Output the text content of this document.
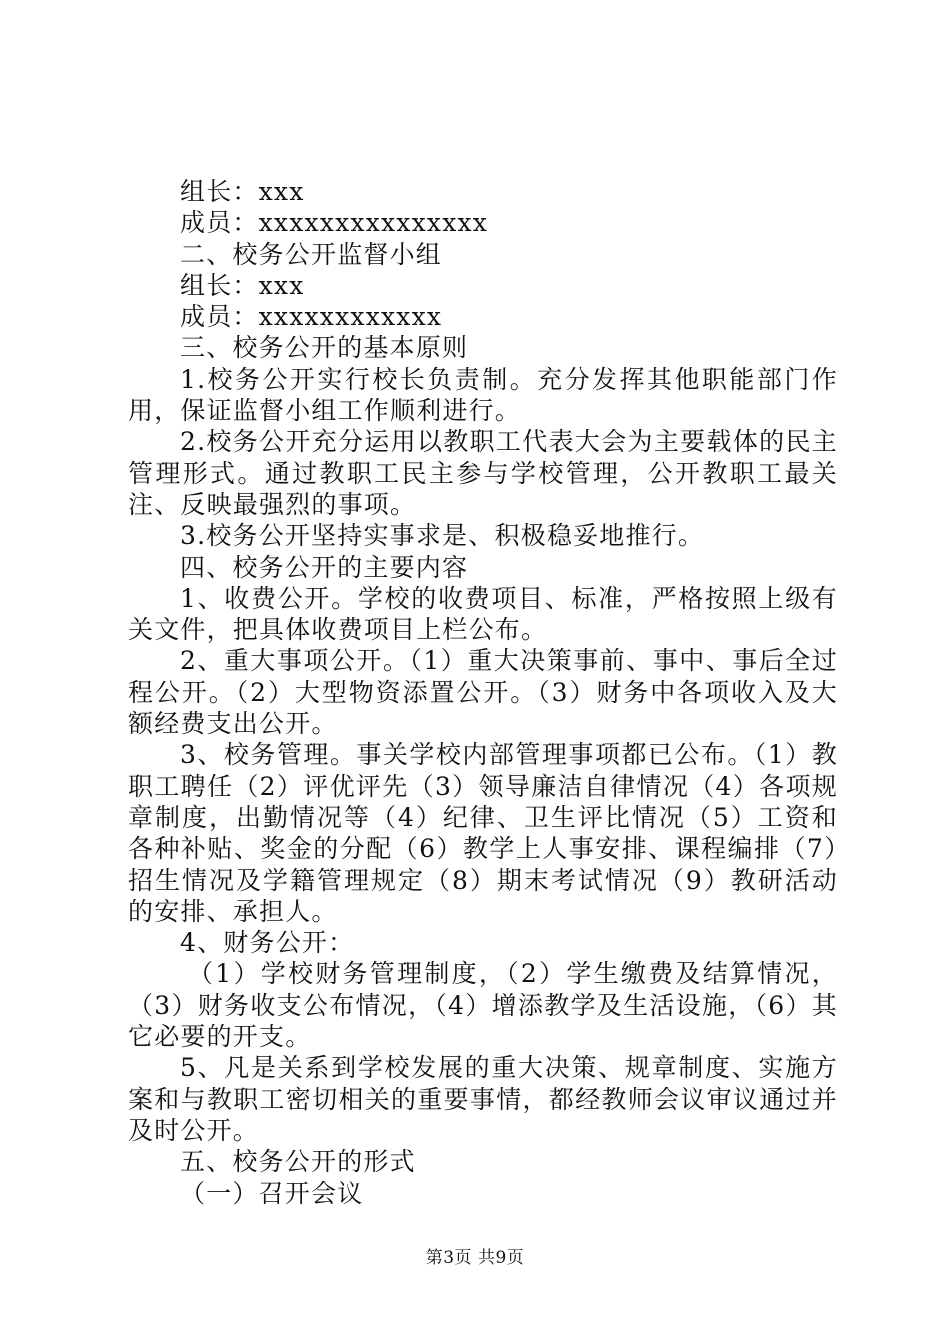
组长：xxx

成员：xxxxxxxxxxxxxxx

二、校务公开监督小组

组长：xxx

成员：xxxxxxxxxxxx

三、校务公开的基本原则

1.校务公开实行校长负责制。充分发挥其他职能部门作用，保证监督小组工作顺利进行。

2.校务公开充分运用以教职工代表大会为主要载体的民主管理形式。通过教职工民主参与学校管理，公开教职工最关注、反映最强烈的事项。

3.校务公开坚持实事求是、积极稳妥地推行。

四、校务公开的主要内容

1、收费公开。学校的收费项目、标准，严格按照上级有关文件，把具体收费项目上栏公布。

2、重大事项公开。（1）重大决策事前、事中、事后全过程公开。（2）大型物资添置公开。（3）财务中各项收入及大额经费支出公开。

3、校务管理。事关学校内部管理事项都已公布。（1）教职工聘任（2）评优评先（3）领导廉洁自律情况（4）各项规章制度，出勤情况等（4）纪律、卫生评比情况（5）工资和各种补贴、奖金的分配（6）教学上人事安排、课程编排（7）招生情况及学籍管理规定（8）期末考试情况（9）教研活动的安排、承担人。

4、财务公开：

（1）学校财务管理制度，（2）学生缴费及结算情况，（3）财务收支公布情况，（4）增添教学及生活设施，（6）其它必要的开支。

5、凡是关系到学校发展的重大决策、规章制度、实施方案和与教职工密切相关的重要事情，都经教师会议审议通过并及时公开。

五、校务公开的形式

（一）召开会议

第3页 共9页
